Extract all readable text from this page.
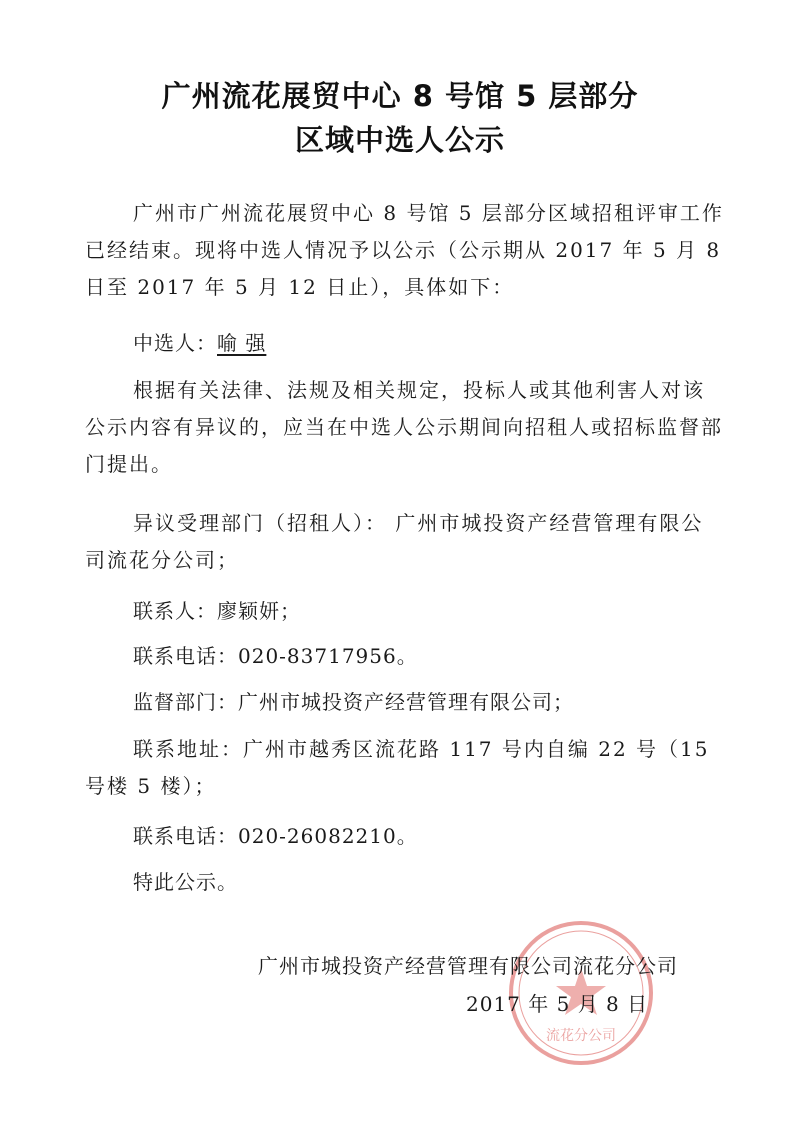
广州流花展贸中心 8 号馆 5 层部分
区域中选人公示

广州市广州流花展贸中心 8 号馆 5 层部分区域招租评审工作已经结束。现将中选人情况予以公示（公示期从 2017 年 5 月 8 日至 2017 年 5 月 12 日止），具体如下：

中选人：喻 强

根据有关法律、法规及相关规定，投标人或其他利害人对该公示内容有异议的，应当在中选人公示期间向招租人或招标监督部门提出。

异议受理部门（招租人）： 广州市城投资产经营管理有限公司流花分公司；

联系人：廖颖妍；
联系电话：020-83717956。
监督部门：广州市城投资产经营管理有限公司；

联系地址：广州市越秀区流花路 117 号内自编 22 号（15 号楼 5 楼）；

联系电话：020-26082210。
特此公示。
流花分公司
广州市城投资产经营管理有限公司流花分公司
2017 年 5 月 8 日
